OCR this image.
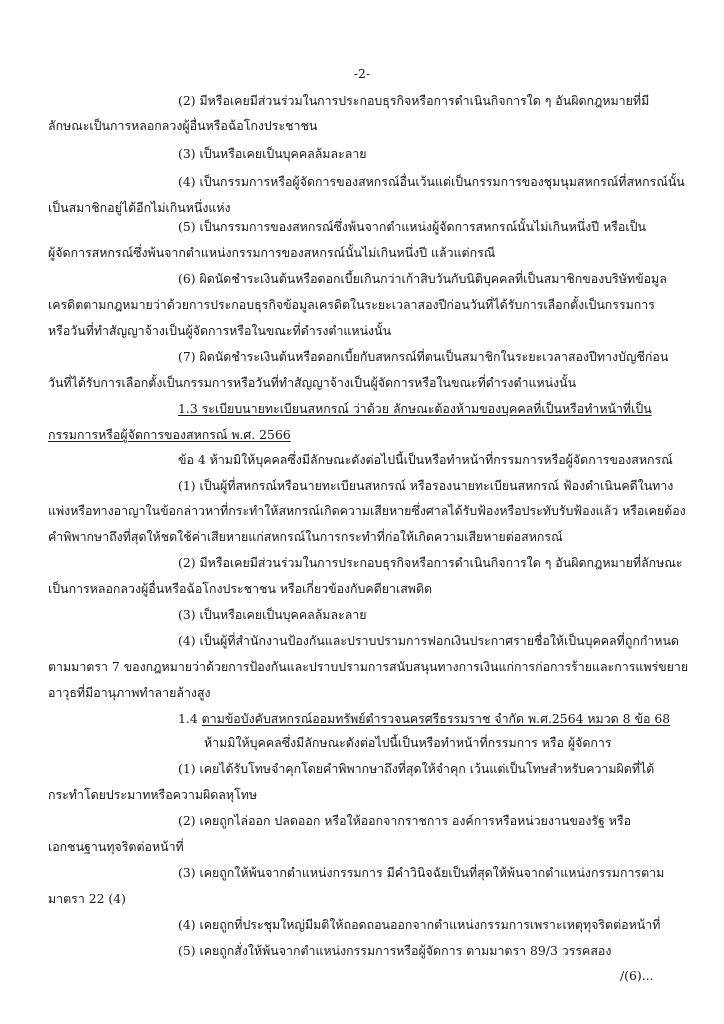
-2-
(2) มีหรือเคยมีส่วนร่วมในการประกอบธุรกิจหรือการดำเนินกิจการใด ๆ อันผิดกฎหมายที่มี
ลักษณะเป็นการหลอกลวงผู้อื่นหรือฉ้อโกงประชาชน
(3) เป็นหรือเคยเป็นบุคคลล้มละลาย
(4) เป็นกรรมการหรือผู้จัดการของสหกรณ์อื่นเว้นแต่เป็นกรรมการของชุมนุมสหกรณ์ที่สหกรณ์นั้น
เป็นสมาชิกอยู่ได้อีกไม่เกินหนึ่งแห่ง
(5) เป็นกรรมการของสหกรณ์ซึ่งพ้นจากตำแหน่งผู้จัดการสหกรณ์นั้นไม่เกินหนึ่งปี หรือเป็น
ผู้จัดการสหกรณ์ซึ่งพ้นจากตำแหน่งกรรมการของสหกรณ์นั้นไม่เกินหนึ่งปี แล้วแต่กรณี
(6) ผิดนัดชำระเงินต้นหรือดอกเบี้ยเกินกว่าเก้าสิบวันกับนิติบุคคลที่เป็นสมาชิกของบริษัทข้อมูล
เครดิตตามกฎหมายว่าด้วยการประกอบธุรกิจข้อมูลเครดิตในระยะเวลาสองปีก่อนวันที่ได้รับการเลือกตั้งเป็นกรรมการ
หรือวันที่ทำสัญญาจ้างเป็นผู้จัดการหรือในขณะที่ดำรงตำแหน่งนั้น
(7) ผิดนัดชำระเงินต้นหรือดอกเบี้ยกับสหกรณ์ที่ตนเป็นสมาชิกในระยะเวลาสองปีทางบัญชีก่อน
วันที่ได้รับการเลือกตั้งเป็นกรรมการหรือวันที่ทำสัญญาจ้างเป็นผู้จัดการหรือในขณะที่ดำรงตำแหน่งนั้น
1.3 ระเบียบนายทะเบียนสหกรณ์ ว่าด้วย ลักษณะต้องห้ามของบุคคลที่เป็นหรือทำหน้าที่เป็น
กรรมการหรือผู้จัดการของสหกรณ์ พ.ศ. 2566
ข้อ 4 ห้ามมิให้บุคคลซึ่งมีลักษณะดังต่อไปนี้เป็นหรือทำหน้าที่กรรมการหรือผู้จัดการของสหกรณ์
(1) เป็นผู้ที่สหกรณ์หรือนายทะเบียนสหกรณ์ หรือรองนายทะเบียนสหกรณ์ ฟ้องดำเนินคดีในทาง
แพ่งหรือทางอาญาในข้อกล่าวหาที่กระทำให้สหกรณ์เกิดความเสียหายซึ่งศาลได้รับฟ้องหรือประทับรับฟ้องแล้ว หรือเคยต้อง
คำพิพากษาถึงที่สุดให้ชดใช้ค่าเสียหายแก่สหกรณ์ในการกระทำที่ก่อให้เกิดความเสียหายต่อสหกรณ์
(2) มีหรือเคยมีส่วนร่วมในการประกอบธุรกิจหรือการดำเนินกิจการใด ๆ อันผิดกฎหมายที่ลักษณะ
เป็นการหลอกลวงผู้อื่นหรือฉ้อโกงประชาชน หรือเกี่ยวข้องกับคดียาเสพติด
(3) เป็นหรือเคยเป็นบุคคลล้มละลาย
(4) เป็นผู้ที่สำนักงานป้องกันและปราบปรามการฟอกเงินประกาศรายชื่อให้เป็นบุคคลที่ถูกกำหนด
ตามมาตรา 7 ของกฎหมายว่าด้วยการป้องกันและปราบปรามการสนับสนุนทางการเงินแก่การก่อการร้ายและการแพร่ขยาย
อาวุธที่มีอานุภาพทำลายล้างสูง
1.4 ตามข้อบังคับสหกรณ์ออมทรัพย์ตำรวจนครศรีธรรมราช จำกัด พ.ศ.2564 หมวด 8 ข้อ 68
ห้ามมิให้บุคคลซึ่งมีลักษณะดังต่อไปนี้เป็นหรือทำหน้าที่กรรมการ หรือ ผู้จัดการ
(1) เคยได้รับโทษจำคุกโดยคำพิพากษาถึงที่สุดให้จำคุก เว้นแต่เป็นโทษสำหรับความผิดที่ได้
กระทำโดยประมาทหรือความผิดลหุโทษ
(2) เคยถูกไล่ออก ปลดออก หรือให้ออกจากราชการ องค์การหรือหน่วยงานของรัฐ หรือ
เอกชนฐานทุจริตต่อหน้าที่
(3) เคยถูกให้พ้นจากตำแหน่งกรรมการ มีคำวินิจฉัยเป็นที่สุดให้พ้นจากตำแหน่งกรรมการตาม
มาตรา 22 (4)
(4) เคยถูกที่ประชุมใหญ่มีมติให้ถอดถอนออกจากตำแหน่งกรรมการเพราะเหตุทุจริตต่อหน้าที่
(5) เคยถูกสั่งให้พ้นจากตำแหน่งกรรมการหรือผู้จัดการ ตามมาตรา 89/3 วรรคสอง
/(6)...
